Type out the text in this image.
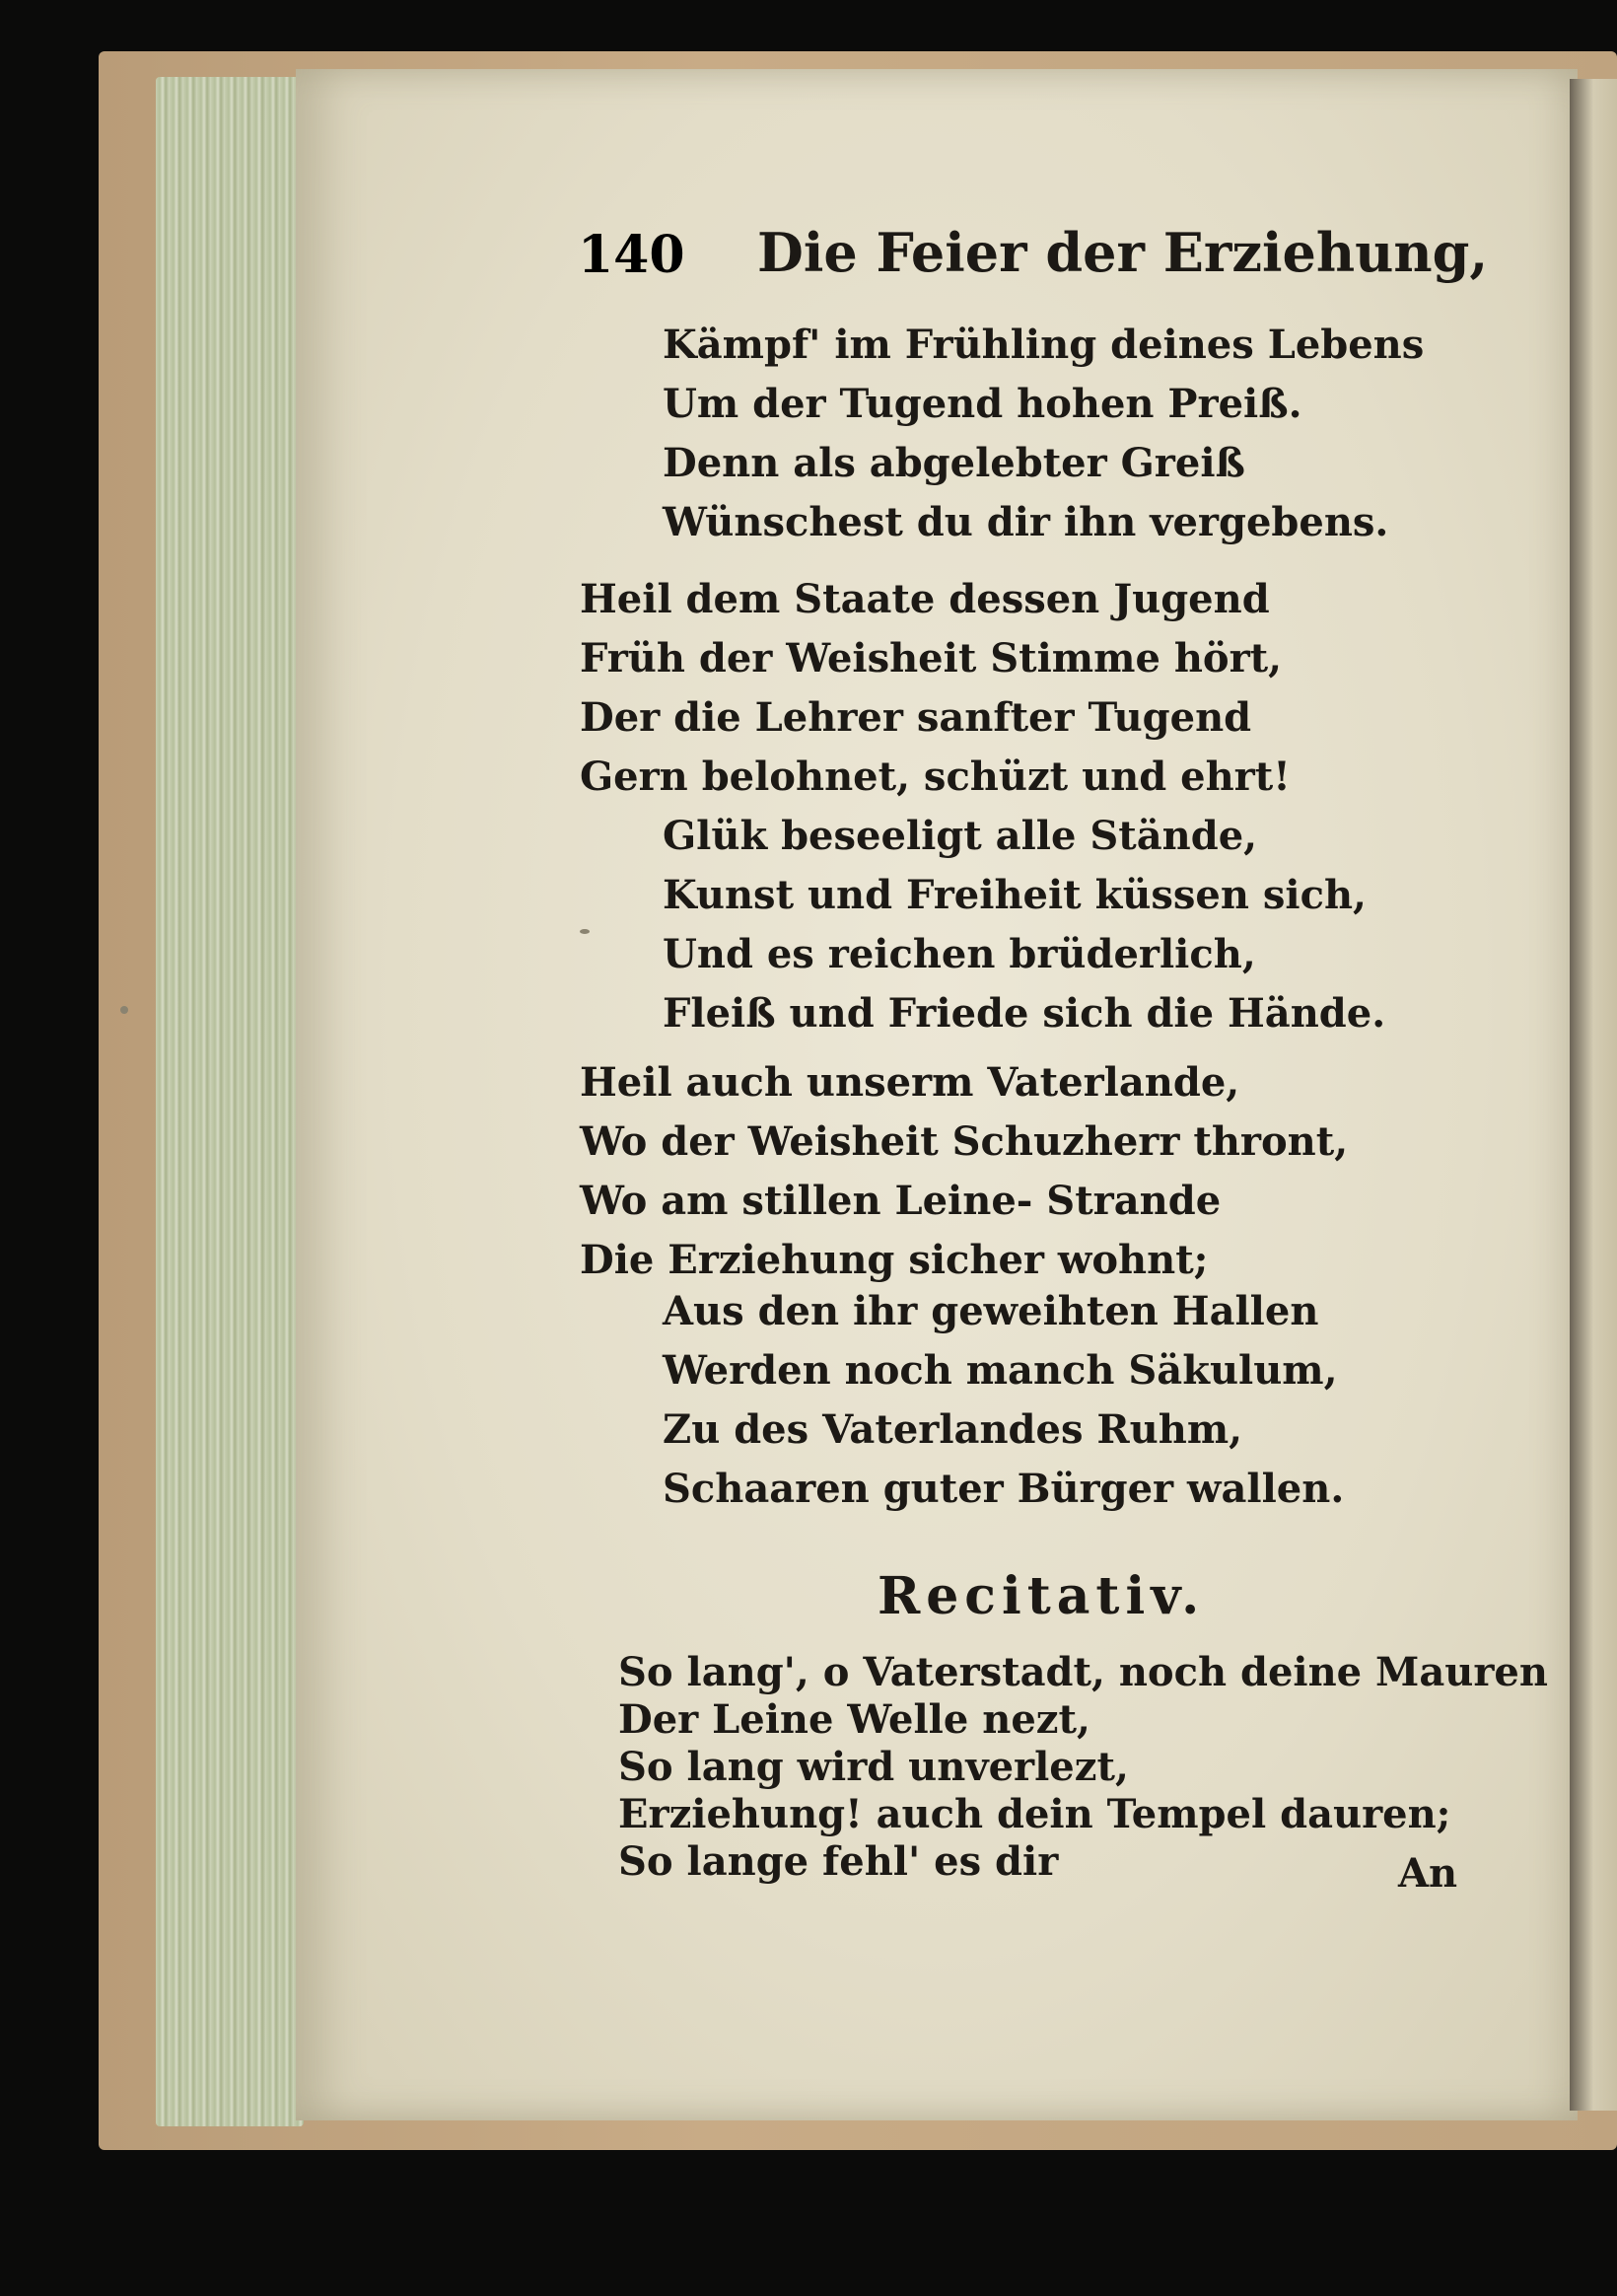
140 Die Feier der Erziehung,
Kämpf' im Frühling deines Lebens
Um der Tugend hohen Preiß.
Denn als abgelebter Greiß
Wünschest du dir ihn vergebens.
Heil dem Staate dessen Jugend
Früh der Weisheit Stimme hört,
Der die Lehrer sanfter Tugend
Gern belohnet, schüzt und ehrt!
Glük beseeligt alle Stände,
Kunst und Freiheit küssen sich,
Und es reichen brüderlich,
Fleiß und Friede sich die Hände.
Heil auch unserm Vaterlande,
Wo der Weisheit Schuzherr thront,
Wo am stillen Leine- Strande
Die Erziehung sicher wohnt;
Aus den ihr geweihten Hallen
Werden noch manch Säkulum,
Zu des Vaterlandes Ruhm,
Schaaren guter Bürger wallen.
Recitativ.
So lang', o Vaterstadt, noch deine Mauren
Der Leine Welle nezt,
So lang wird unverlezt,
Erziehung! auch dein Tempel dauren;
So lange fehl' es dir	An
